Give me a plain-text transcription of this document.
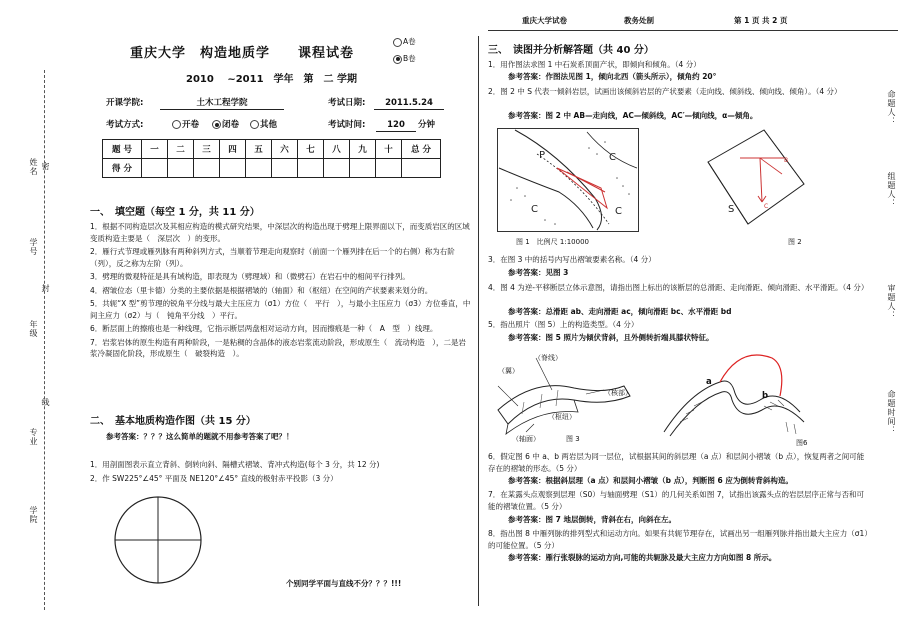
姓名 密
学号
封
年级
线
专业
学院
重庆大学试卷	教务处制	第 1 页 共 2 页
重庆大学　构造地质学　　课程试卷
A卷
B卷
2010　 ~2011　学年　第　二 学期
开课学院:	土木工程学院	考试日期:	2011.5.24
考试方式:	开卷	闭卷	其他	考试时间:	120	分钟
题 号	一	二	三	四	五	六	七	八	九	十	总 分
得 分											
一、　填空题（每空 1 分，共 11 分）
1．根据不同构造层次及其相应构造的模式研究结果，中深层次的构造出现于劈理上限界面以下，而变质岩区的区域变质构造主要是（　深层次　）的变形。
2．雁行式节理或雁列脉有两种斜列方式，当顺着节理走向观察时（前面一个雁列排在后一个的右侧）称为右阶（列），反之称为左阶（列）。
3．劈理的微观特征是具有域构造，即表现为（劈理域）和（微劈石）在岩石中的相间平行排列。
4．褶皱位态（里卡德）分类的主要依据是根据褶皱的（轴面）和（枢纽）在空间的产状要素来划分的。
5．共轭“X 型”剪节理的锐角平分线与最大主压应力（σ1）方位（　平行　），与最小主压应力（σ3）方位垂直，中间主应力（σ2）与（　钝角平分线　）平行。
6．断层面上的擦痕也是一种线理，它指示断层两盘相对运动方向，因而擦痕是一种（　A　型　）线理。
7．岩浆岩体的原生构造有两种阶段，一是粘稠的含晶体的液态岩浆流动阶段，形成原生（　流动构造　），二是岩浆冷凝固化阶段，形成原生（　破裂构造　）。
二、　基本地质构造作图（共 15 分）
参考答案：？？？这么简单的题就不用参考答案了吧？！
1．用剖面图表示直立背斜、倒转向斜、隔槽式褶皱、背冲式构造(每个 3 分，共 12 分)
2．作 SW225°∠45° 平面及 NE120°∠45° 直线的极射赤平投影（3 分）
个别同学平面与直线不分？？？!!!
三、　读图并分析解答题（共 40 分）
1．用作图法求图 1 中石炭系顶面产状，即倾向和倾角。（4 分）
参考答案：作图法见图 1，倾向北西（箭头所示），倾角约 20°
2．图 2 中 S 代表一倾斜岩层，试画出该倾斜岩层的产状要素（走向线、倾斜线、倾向线、倾角）。（4 分）
参考答案：图 2 中 AB—走向线，AC—倾斜线，AC′—倾向线，α—倾角。
P	C
C	C
图 1　比例尺 1:10000
S
B
C
图 2
3．在图 3 中的括号内写出褶皱要素名称。（4 分）
参考答案：见图 3
4．图 4 为逆-平移断层立体示意图，请指出图上标出的该断层的总滑距、走向滑距、倾向滑距、水平滑距。（4 分）
参考答案：总滑距 ab、走向滑距 ac，倾向滑距 bc、水平滑距 bd
5．指出照片（图 5）上的构造类型。（4 分）
参考答案：图 5 照片为倾伏背斜，且外侧转折端具膝状特征。
（脊线）
（翼）
（核部）
（轴面）
（枢纽）
图 3
a
b
图6
6．假定图 6 中 a、b 两岩层为同一层位，试根据其间的斜层理（a 点）和层间小褶皱（b 点），恢复两者之间可能存在的褶皱的形态。（5 分）
参考答案：根据斜层理（a 点）和层间小褶皱（b 点），判断图 6 应为倒转背斜构造。
7．在某露头点观察到层理（S0）与轴面劈理（S1）的几何关系如图 7，试指出该露头点的岩层层序正常与否和可能的褶皱位置。（5 分）
参考答案：图 7 地层倒转，背斜在右，向斜在左。
8．指出图 8 中雁列脉的排列型式和运动方向。如果有共轭节理存在，试画出另一组雁列脉并指出最大主应力（σ1）的可能位置。（5 分）
参考答案：雁行张裂脉的运动方向,可能的共轭脉及最大主应力方向如图 8 所示。
命题人：
组题人：
审题人：
命题时间：
